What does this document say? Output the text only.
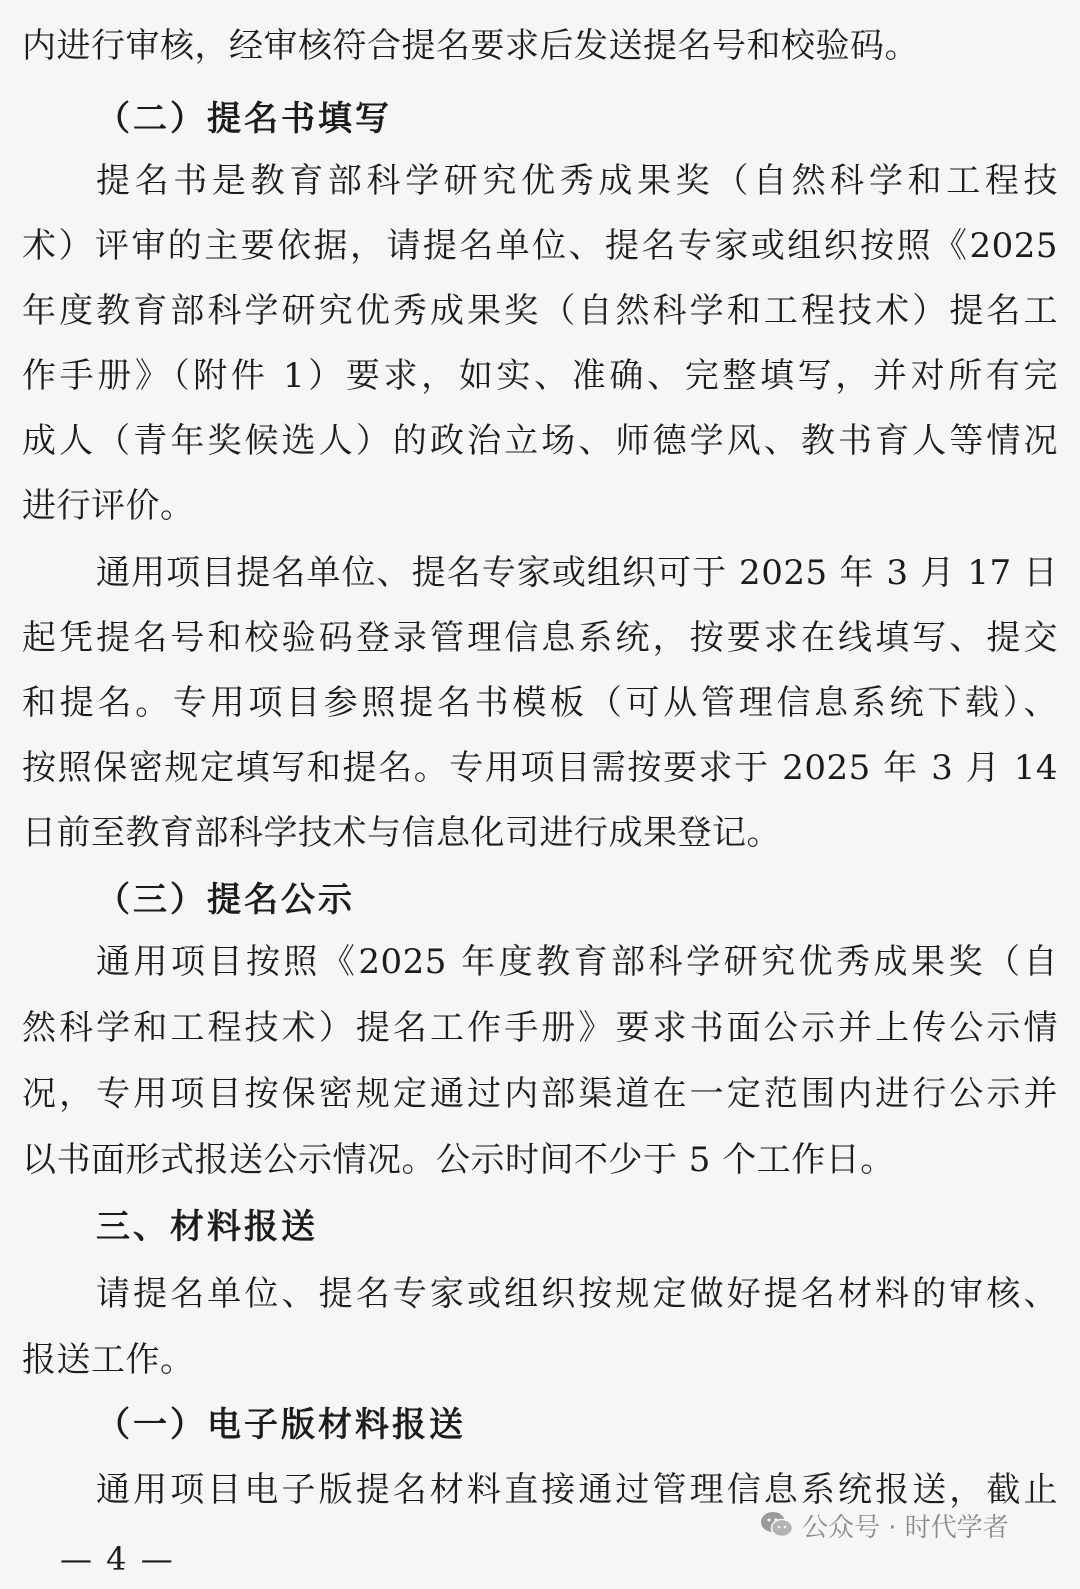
内进行审核，经审核符合提名要求后发送提名号和校验码。
（二）提名书填写
提名书是教育部科学研究优秀成果奖（自然科学和工程技
术）评审的主要依据，请提名单位、提名专家或组织按照《2025
年度教育部科学研究优秀成果奖（自然科学和工程技术）提名工
作手册》（附件 1）要求，如实、准确、完整填写，并对所有完
成人（青年奖候选人）的政治立场、师德学风、教书育人等情况
进行评价。
通用项目提名单位、提名专家或组织可于 2025 年 3 月 17 日
起凭提名号和校验码登录管理信息系统，按要求在线填写、提交
和提名。专用项目参照提名书模板（可从管理信息系统下载）、
按照保密规定填写和提名。专用项目需按要求于 2025 年 3 月 14
日前至教育部科学技术与信息化司进行成果登记。
（三）提名公示
通用项目按照《2025 年度教育部科学研究优秀成果奖（自
然科学和工程技术）提名工作手册》要求书面公示并上传公示情
况，专用项目按保密规定通过内部渠道在一定范围内进行公示并
以书面形式报送公示情况。公示时间不少于 5 个工作日。
三、材料报送
请提名单位、提名专家或组织按规定做好提名材料的审核、
报送工作。
（一）电子版材料报送
通用项目电子版提名材料直接通过管理信息系统报送，截止
— 4 —
公众号 · 时代学者
